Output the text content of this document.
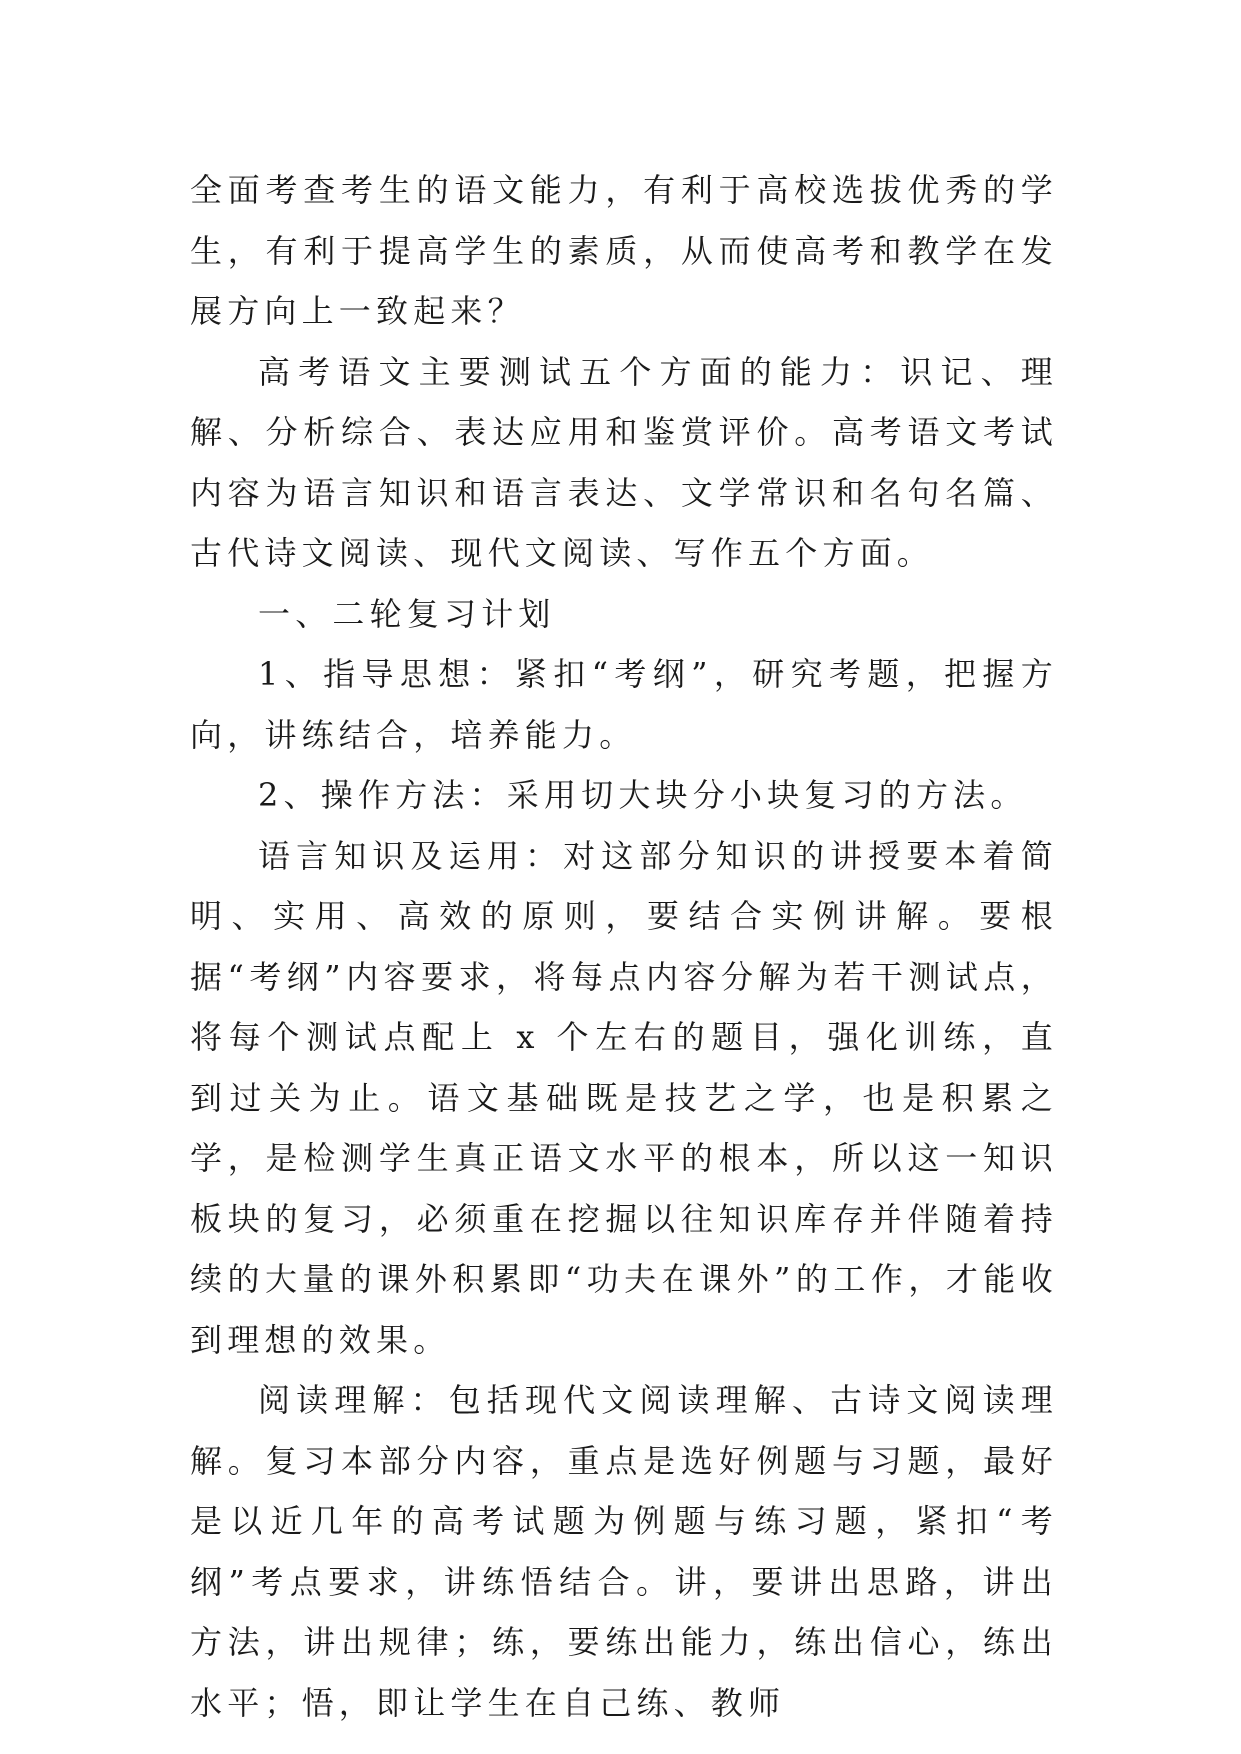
全面考查考生的语文能力，有利于高校选拔优秀的学生，有利于提高学生的素质，从而使高考和教学在发展方向上一致起来？

高考语文主要测试五个方面的能力：识记、理解、分析综合、表达应用和鉴赏评价。高考语文考试内容为语言知识和语言表达、文学常识和名句名篇、古代诗文阅读、现代文阅读、写作五个方面。

一、二轮复习计划

1、指导思想：紧扣“考纲”，研究考题，把握方向，讲练结合，培养能力。

2、操作方法：采用切大块分小块复习的方法。

语言知识及运用：对这部分知识的讲授要本着简明、实用、高效的原则，要结合实例讲解。要根据“考纲”内容要求，将每点内容分解为若干测试点，将每个测试点配上 x 个左右的题目，强化训练，直到过关为止。语文基础既是技艺之学，也是积累之学，是检测学生真正语文水平的根本，所以这一知识板块的复习，必须重在挖掘以往知识库存并伴随着持续的大量的课外积累即“功夫在课外”的工作，才能收到理想的效果。

阅读理解：包括现代文阅读理解、古诗文阅读理解。复习本部分内容，重点是选好例题与习题，最好是以近几年的高考试题为例题与练习题，紧扣“考纲”考点要求，讲练悟结合。讲，要讲出思路，讲出方法，讲出规律；练，要练出能力，练出信心，练出水平；悟，即让学生在自己练、教师
